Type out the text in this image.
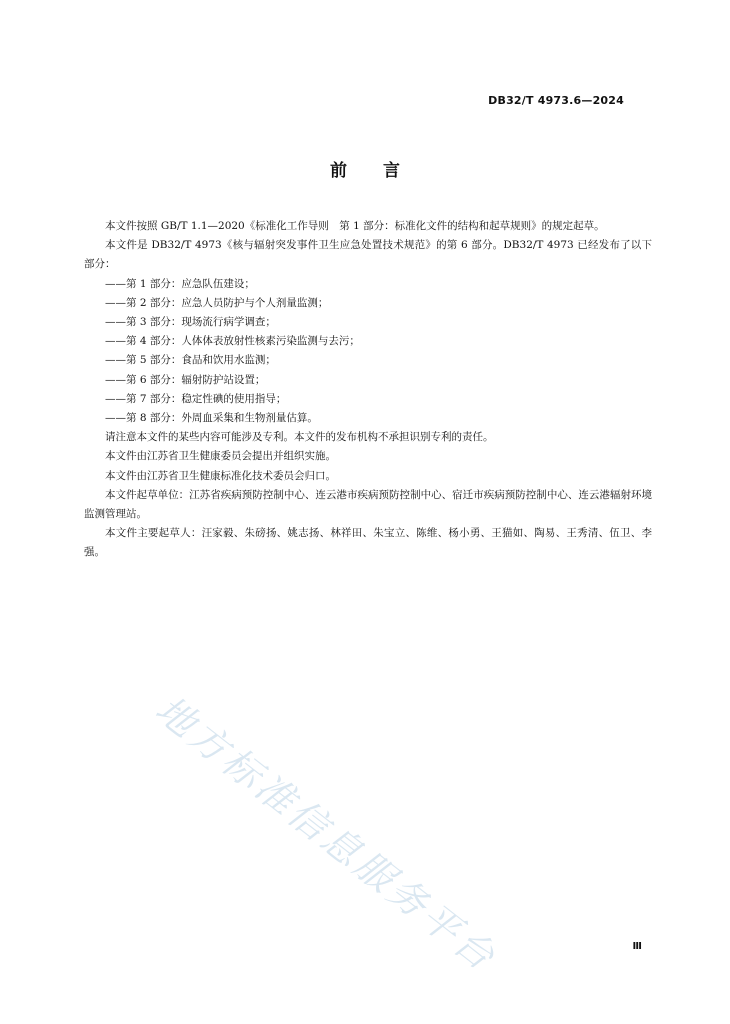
DB32/T 4973.6—2024
前言

本文件按照 GB/T 1.1—2020《标准化工作导则　第 1 部分：标准化文件的结构和起草规则》的规定起草。

本文件是 DB32/T 4973《核与辐射突发事件卫生应急处置技术规范》的第 6 部分。DB32/T 4973 已经发布了以下部分：

——第 1 部分：应急队伍建设；

——第 2 部分：应急人员防护与个人剂量监测；

——第 3 部分：现场流行病学调查；

——第 4 部分：人体体表放射性核素污染监测与去污；

——第 5 部分：食品和饮用水监测；

——第 6 部分：辐射防护站设置；

——第 7 部分：稳定性碘的使用指导；

——第 8 部分：外周血采集和生物剂量估算。

请注意本文件的某些内容可能涉及专利。本文件的发布机构不承担识别专利的责任。

本文件由江苏省卫生健康委员会提出并组织实施。

本文件由江苏省卫生健康标准化技术委员会归口。

本文件起草单位：江苏省疾病预防控制中心、连云港市疾病预防控制中心、宿迁市疾病预防控制中心、连云港辐射环境监测管理站。

本文件主要起草人：汪家毅、朱磅扬、姚志扬、林祥田、朱宝立、陈维、杨小勇、王猫如、陶易、王秀清、伍卫、李强。

地方标准信息服务平台	Ⅲ
